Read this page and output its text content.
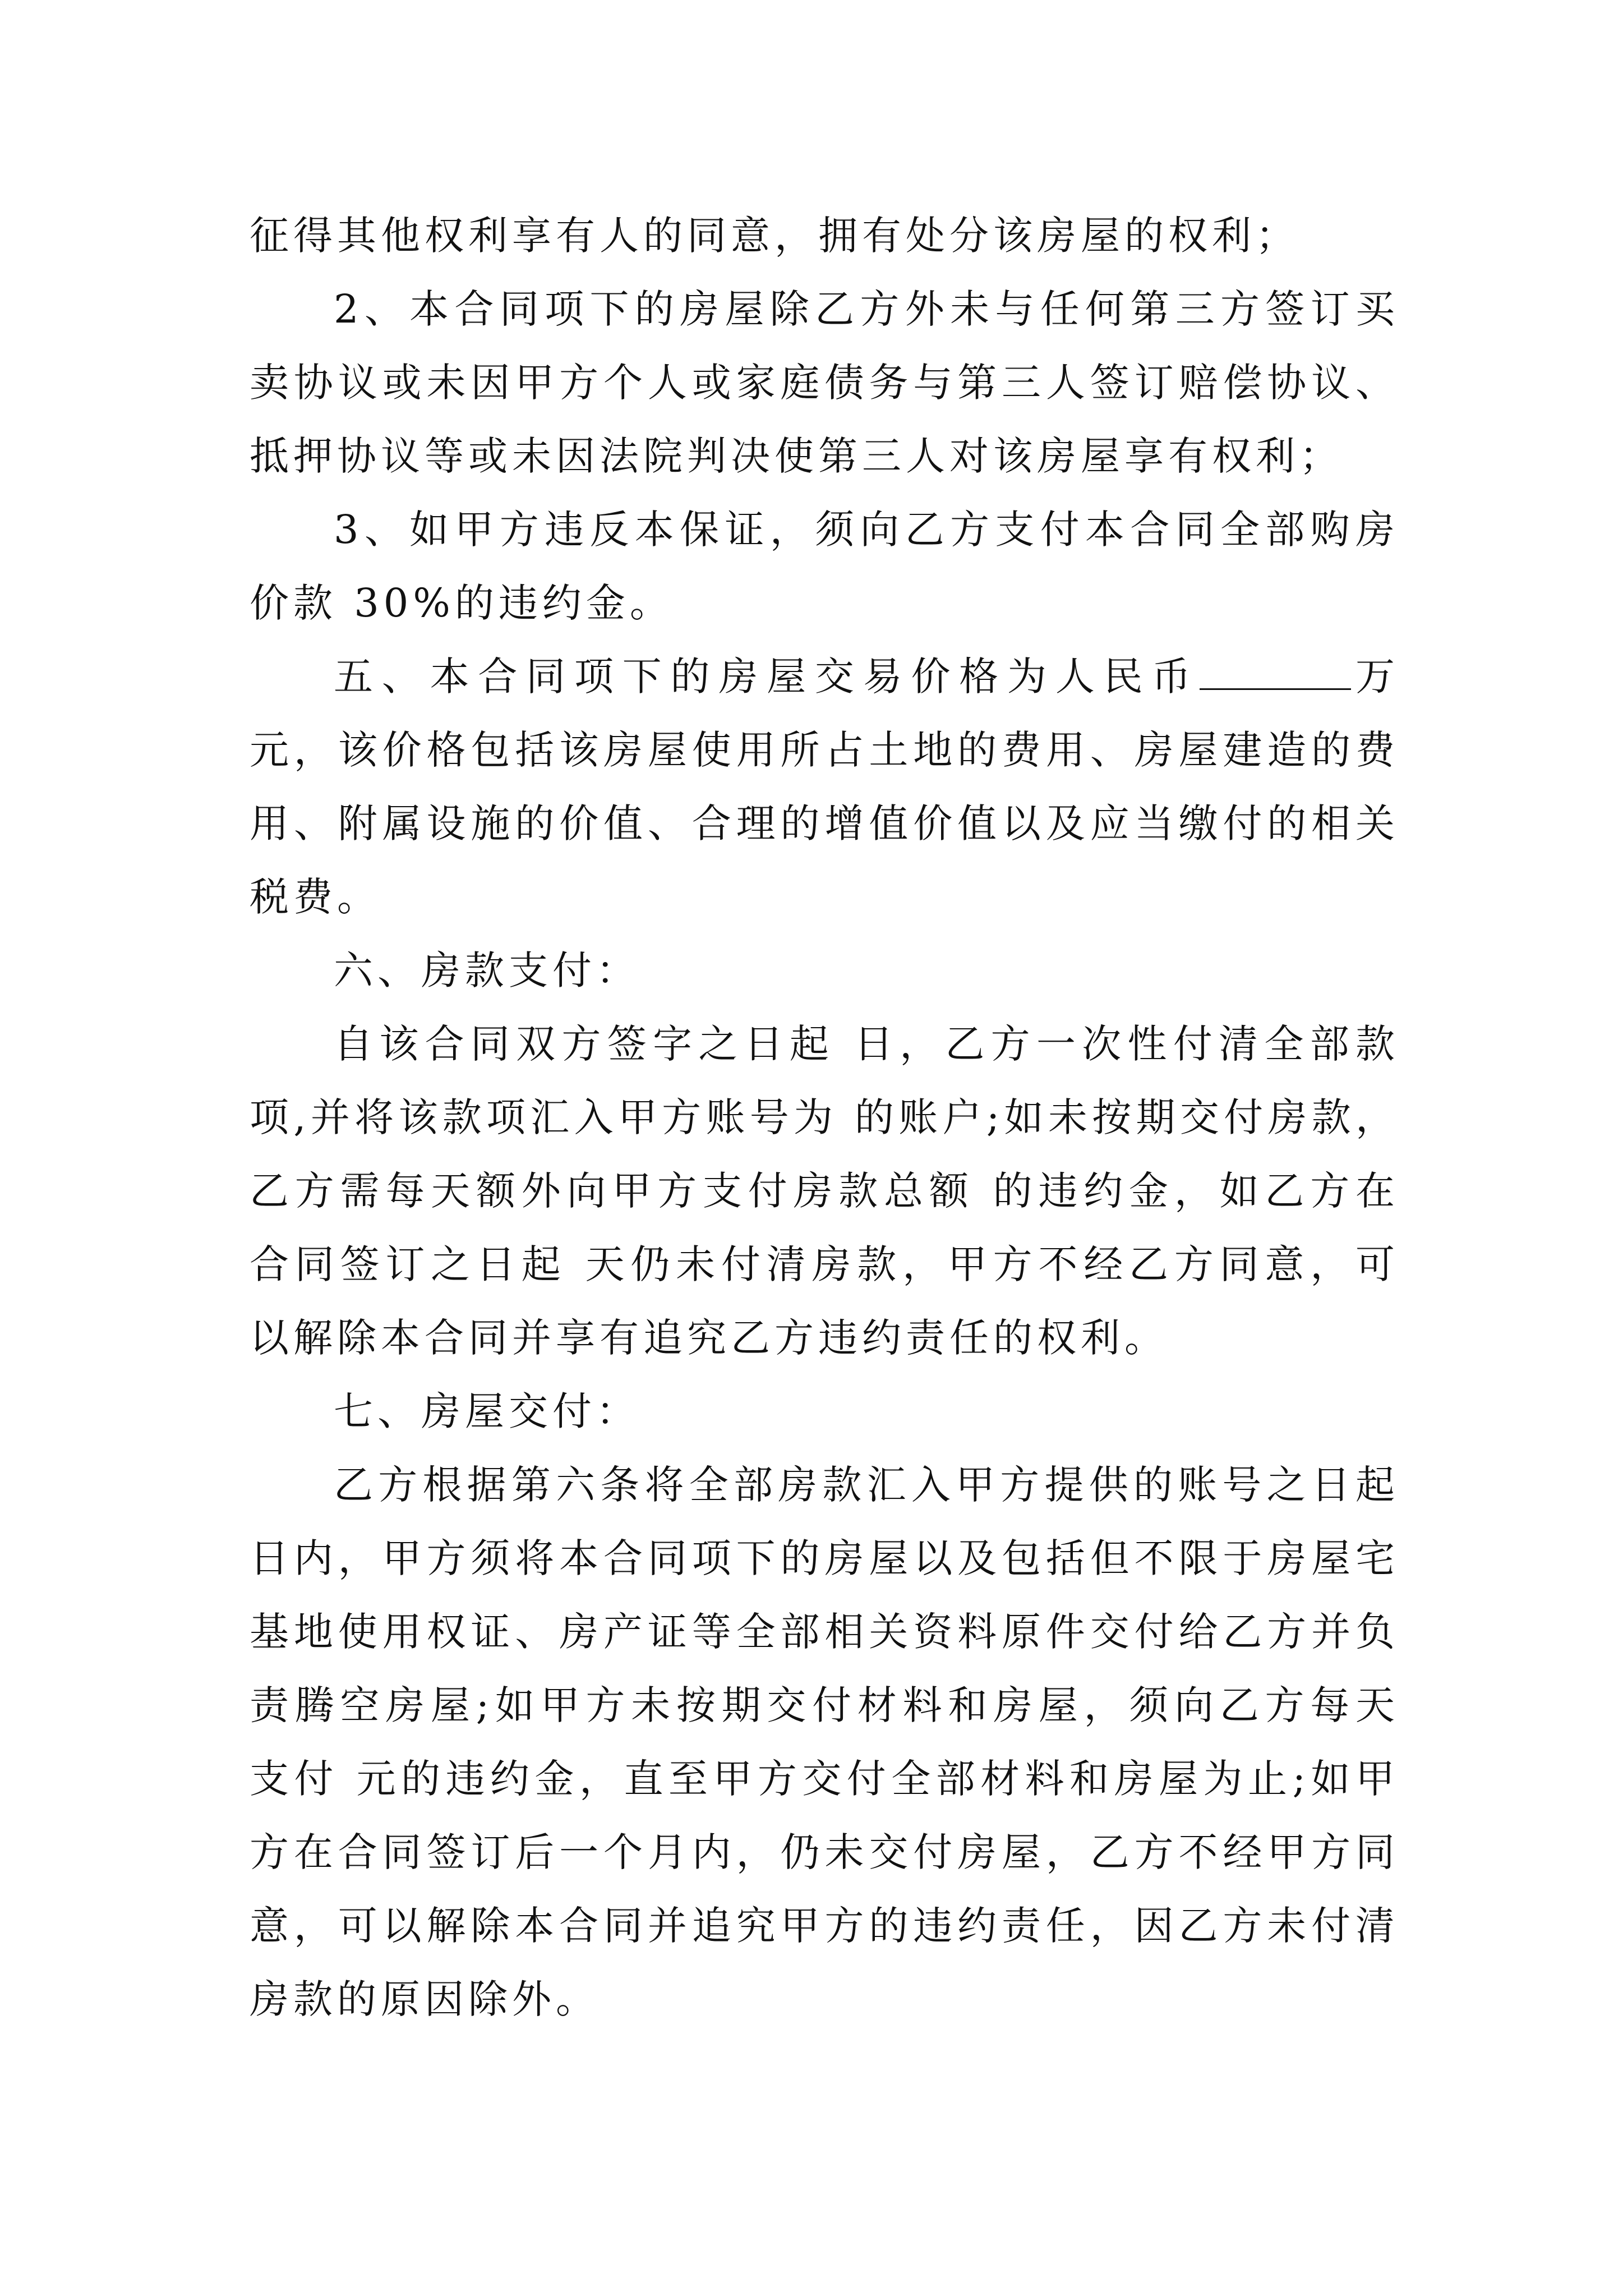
征得其他权利享有人的同意，拥有处分该房屋的权利；

2、本合同项下的房屋除乙方外未与任何第三方签订买卖协议或未因甲方个人或家庭债务与第三人签订赔偿协议、抵押协议等或未因法院判决使第三人对该房屋享有权利；

3、如甲方违反本保证，须向乙方支付本合同全部购房价款 30%的违约金。

五、本合同项下的房屋交易价格为人民币	万元，该价格包括该房屋使用所占土地的费用、房屋建造的费用、附属设施的价值、合理的增值价值以及应当缴付的相关税费。

六、房款支付：

自该合同双方签字之日起 日，乙方一次性付清全部款项,并将该款项汇入甲方账号为 的账户;如未按期交付房款，乙方需每天额外向甲方支付房款总额 的违约金，如乙方在合同签订之日起 天仍未付清房款，甲方不经乙方同意，可以解除本合同并享有追究乙方违约责任的权利。

七、房屋交付：

乙方根据第六条将全部房款汇入甲方提供的账号之日起 日内，甲方须将本合同项下的房屋以及包括但不限于房屋宅基地使用权证、房产证等全部相关资料原件交付给乙方并负责腾空房屋;如甲方未按期交付材料和房屋，须向乙方每天支付 元的违约金，直至甲方交付全部材料和房屋为止;如甲方在合同签订后一个月内，仍未交付房屋，乙方不经甲方同意，可以解除本合同并追究甲方的违约责任，因乙方未付清房款的原因除外。
